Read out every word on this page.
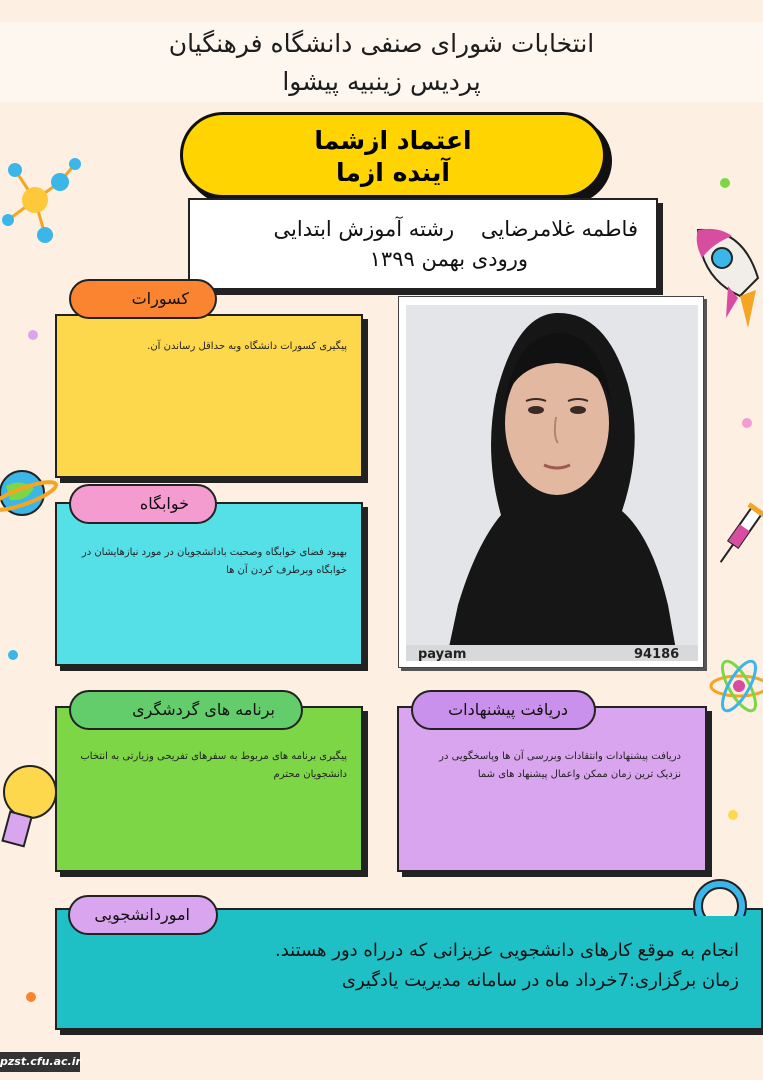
انتخابات شورای صنفی دانشگاه فرهنگیان
پردیس زینبیه پیشوا
اعتماد ازشما
آینده ازما
فاطمه غلامرضایی    رشته آموزش ابتدایی
ورودی بهمن ۱۳۹۹
پیگیری کسورات دانشگاه وبه حداقل رساندن آن.
کسورات
بهبود فضای خوابگاه وصحبت بادانشجویان در مورد نیازهایشان در خوابگاه وبرطرف کردن آن ها
خوابگاه
پیگیری برنامه های مربوط به سفرهای تفریحی وزیارتی به انتخاب دانشجویان محترم
برنامه های گردشگری
دریافت پیشنهادات وانتقادات وبررسی آن ها وپاسخگویی در نزدیک ترین زمان ممکن واعمال پیشنهاد های شما
دریافت پیشنهادات
payam	94186
انجام به موقع کارهای دانشجویی عزیزانی که درراه دور هستند.
زمان برگزاری:7خرداد ماه در سامانه مدیریت یادگیری
اموردانشجویی
pzst.cfu.ac.ir
